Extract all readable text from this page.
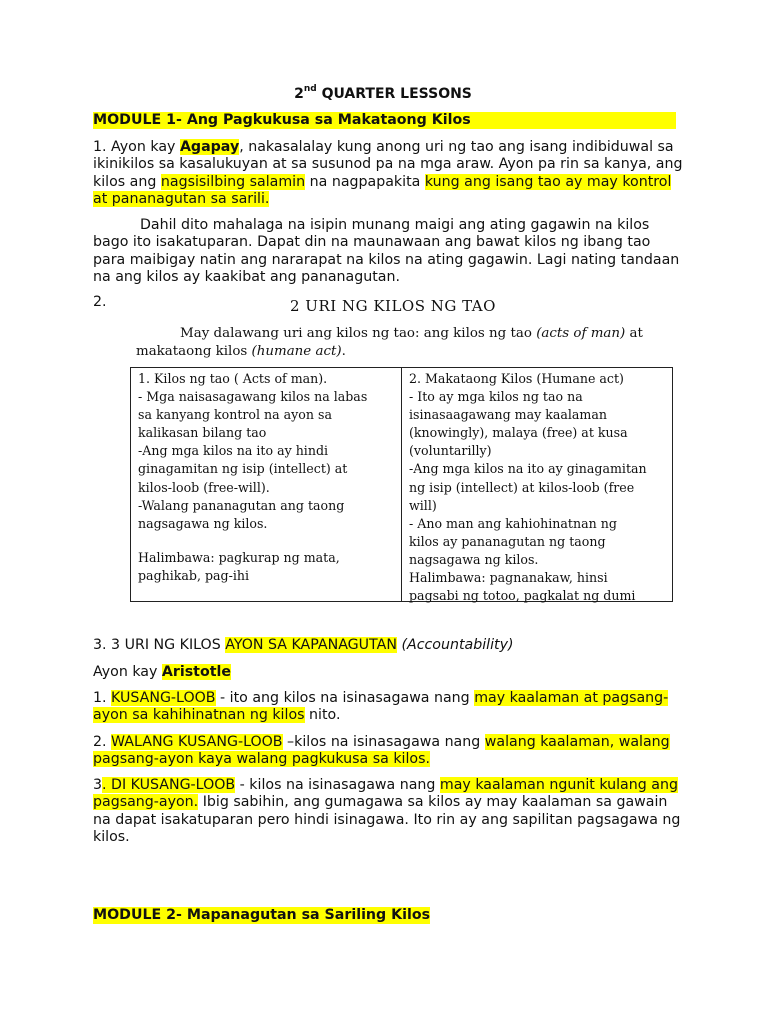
2nd QUARTER LESSONS
MODULE 1- Ang Pagkukusa sa Makataong Kilos

1. Ayon kay Agapay, nakasalalay kung anong uri ng tao ang isang indibiduwal sa ikinikilos sa kasalukuyan at sa susunod pa na mga araw. Ayon pa rin sa kanya, ang kilos ang nagsisilbing salamin na nagpapakita kung ang isang tao ay may kontrol at pananagutan sa sarili.

Dahil dito mahalaga na isipin munang maigi ang ating gagawin na kilos bago ito isakatuparan. Dapat din na maunawaan ang bawat kilos ng ibang tao para maibigay natin ang nararapat na kilos na ating gagawin. Lagi nating tandaan na ang kilos ay kaakibat ang pananagutan.

2.	2 URI NG KILOS NG TAO
May dalawang uri ang kilos ng tao: ang kilos ng tao (acts of man) at
makataong kilos (humane act).
1. Kilos ng tao ( Acts of man).
- Mga naisasagawang kilos na labas
sa kanyang kontrol na ayon sa
kalikasan bilang tao
-Ang mga kilos na ito ay hindi
ginagamitan ng isip (intellect) at
kilos-loob (free-will).
-Walang pananagutan ang taong
nagsagawa ng kilos.
Halimbawa: pagkurap ng mata,
paghikab, pag-ihi
2. Makataong Kilos (Humane act)
- Ito ay mga kilos ng tao na
isinasaagawang may kaalaman
(knowingly), malaya (free) at kusa
(voluntarilly)
-Ang mga kilos na ito ay ginagamitan
ng isip (intellect) at kilos-loob (free
will)
- Ano man ang kahiohinatnan ng
kilos ay pananagutan ng taong
nagsagawa ng kilos.
Halimbawa: pagnanakaw, hinsi
pagsabi ng totoo, pagkalat ng dumi

3. 3 URI NG KILOS AYON SA KAPANAGUTAN (Accountability)

Ayon kay Aristotle

1. KUSANG-LOOB - ito ang kilos na isinasagawa nang may kaalaman at pagsang-ayon sa kahihinatnan ng kilos nito.

2. WALANG KUSANG-LOOB –kilos na isinasagawa nang walang kaalaman, walang pagsang-ayon kaya walang pagkukusa sa kilos.

3. DI KUSANG-LOOB - kilos na isinasagawa nang may kaalaman ngunit kulang ang pagsang-ayon. Ibig sabihin, ang gumagawa sa kilos ay may kaalaman sa gawain na dapat isakatuparan pero hindi isinagawa. Ito rin ay ang sapilitan pagsagawa ng kilos.

MODULE 2- Mapanagutan sa Sariling Kilos
